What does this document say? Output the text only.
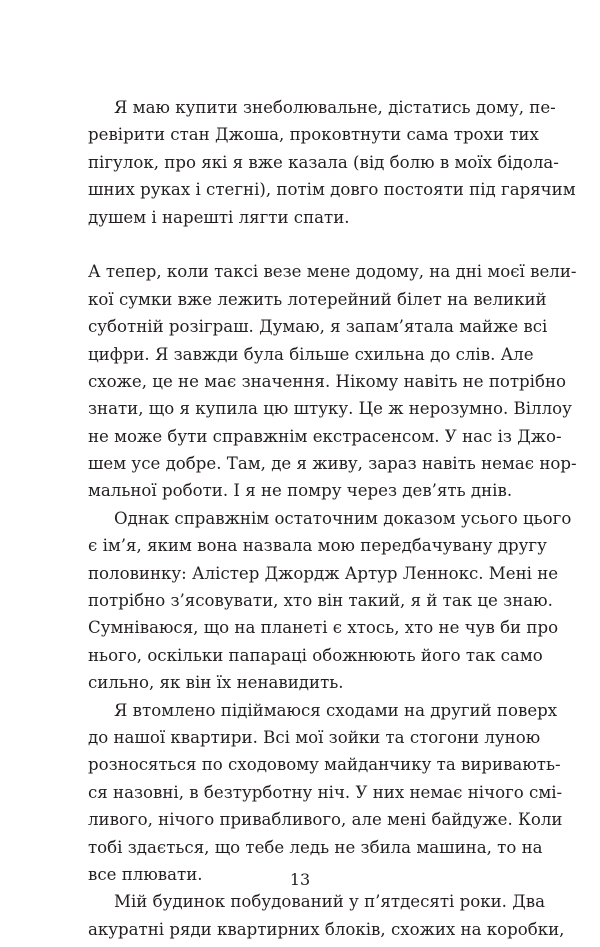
Я маю купити знеболювальне, дістатись дому, пе-
ревірити стан Джоша, проковтнути сама трохи тих
пігулок, про які я вже казала (від болю в моїх бідола-
шних руках і стегні), потім довго постояти під гарячим
душем і нарешті лягти спати.
А тепер, коли таксі везе мене додому, на дні моєї вели-
кої сумки вже лежить лотерейний білет на великий
суботній розіграш. Думаю, я запам’ятала майже всі
цифри. Я завжди була більше схильна до слів. Але
схоже, це не має значення. Нікому навіть не потрібно
знати, що я купила цю штуку. Це ж нерозумно. Віллоу
не може бути справжнім екстрасенсом. У нас із Джо-
шем усе добре. Там, де я живу, зараз навіть немає нор-
мальної роботи. І я не помру через дев’ять днів.
Однак справжнім остаточним доказом усього цього
є ім’я, яким вона назвала мою передбачувану другу
половинку: Алістер Джордж Артур Леннокс. Мені не
потрібно з’ясовувати, хто він такий, я й так це знаю.
Сумніваюся, що на планеті є хтось, хто не чув би про
нього, оскільки папараці обожнюють його так само
сильно, як він їх ненавидить.
Я втомлено підіймаюся сходами на другий поверх
до нашої квартири. Всі мої зойки та стогони луною
розносяться по сходовому майданчику та виривають-
ся назовні, в безтурботну ніч. У них немає нічого смі-
ливого, нічого привабливого, але мені байдуже. Коли
тобі здається, що тебе ледь не збила машина, то на
все плювати.
Мій будинок побудований у п’ятдесяті роки. Два
акуратні ряди квартирних блоків, схожих на коробки,
13
